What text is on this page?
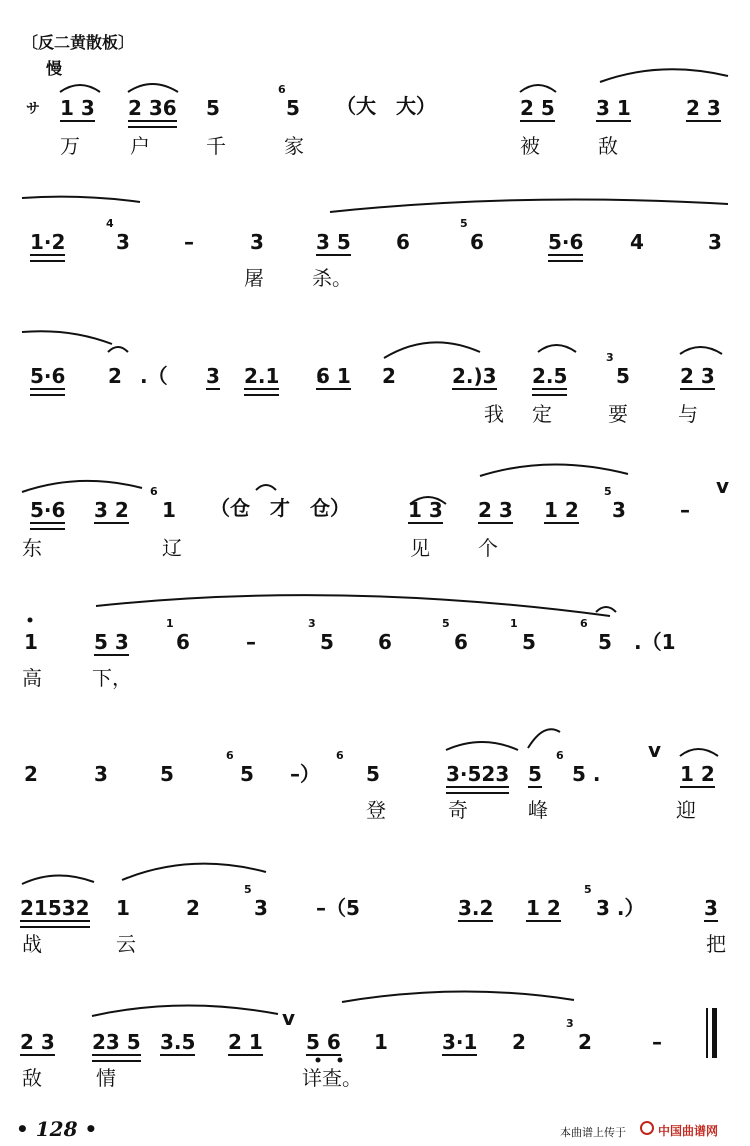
〔反二黄散板〕
慢
1 3 2 36 5	5 （大　大）	2 5 3 1	2 3
1·2	3	–	3	3 5 6	6	5·6 4	3
5·6 2 .（ 3 2.1 6 1 2	2.)3 2.5 5	2 3
5·6 3 2 1 （仓　才　仓）	1 3 2 3 1 2 3	–
v
1	5 3 6	–	5 6	6	5	5 .（1
2	3	5	5 –） 5	3·523 5 5 .
v
1 2
21532 1	2	3 –（5	3.2 1 2 3 .）	3
2 3 23 5 3.5 2 1
v
5 6 1	3·1 2	2	–
6
4	5
3
6	5
1	3	5	1	6
6	6	6
5	5
3
万	户	千	家	被	敌
屠 杀。
我 定	要	与
东	辽	见 个
高	下，
登	奇	峰	迎
战	云	把
敌	情	详查。
サ
• 128 •	本曲谱上传于	中国曲谱网
